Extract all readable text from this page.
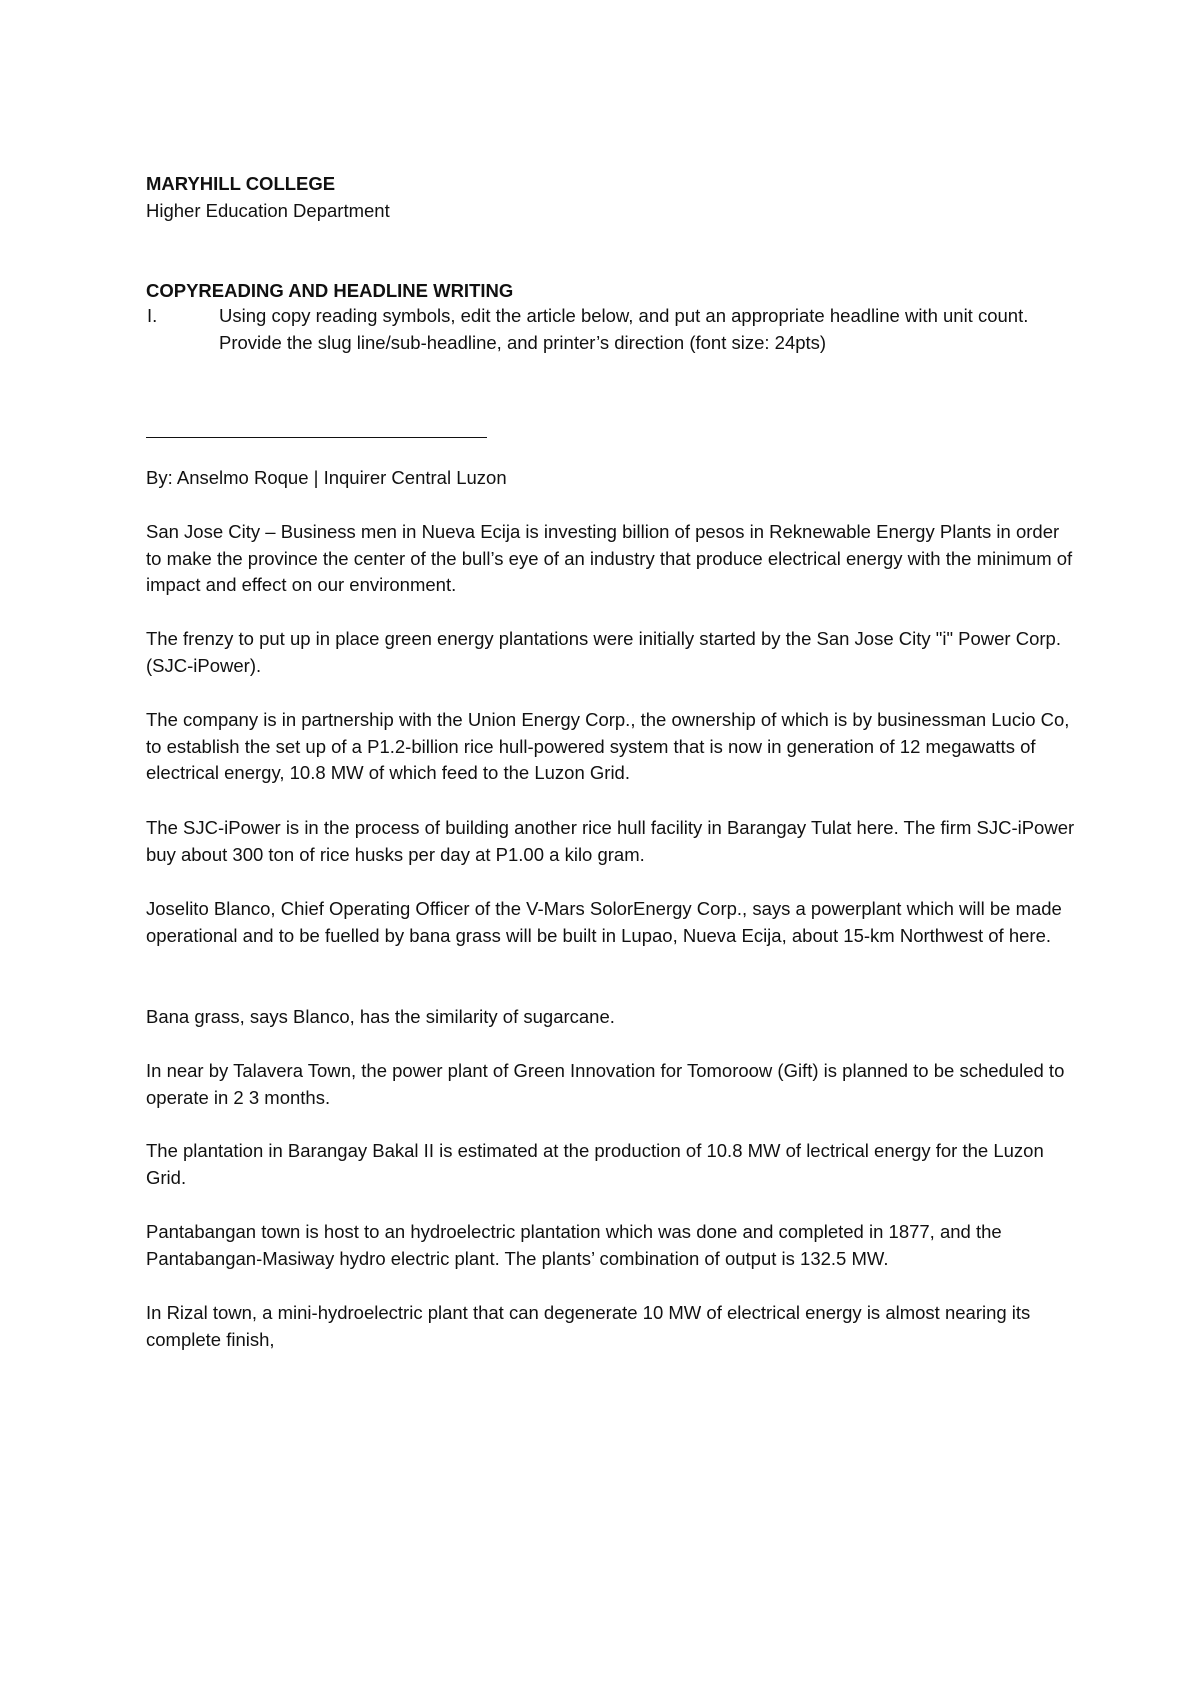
MARYHILL COLLEGE
Higher Education Department
COPYREADING AND HEADLINE WRITING
I.	Using copy reading symbols, edit the article below, and put an appropriate headline with unit count. Provide the slug line/sub-headline, and printer’s direction (font size: 24pts)
By: Anselmo Roque | Inquirer Central Luzon
San Jose City – Business men in Nueva Ecija is investing billion of pesos in Reknewable Energy Plants in order to make the province the center of the bull’s eye of an industry that produce electrical energy with the minimum of impact and effect on our environment.
The frenzy to put up in place green energy plantations were initially started by the San Jose City "i" Power Corp. (SJC-iPower).
The company is in partnership with the Union Energy Corp., the ownership of which is by businessman Lucio Co, to establish the set up of a P1.2-billion rice hull-powered system that is now in generation of 12 megawatts of electrical energy, 10.8 MW of which feed to the Luzon Grid.
The SJC-iPower is in the process of building another rice hull facility in Barangay Tulat here. The firm SJC-iPower buy about 300 ton of rice husks per day at P1.00 a kilo gram.
Joselito Blanco, Chief Operating Officer of the V-Mars SolorEnergy Corp., says a powerplant which will be made operational and to be fuelled by bana grass will be built in Lupao, Nueva Ecija, about 15-km Northwest of here.
Bana grass, says Blanco, has the similarity of sugarcane.
In near by Talavera Town, the power plant of Green Innovation for Tomoroow (Gift) is planned to be scheduled to operate in 2 3 months.
The plantation in Barangay Bakal II is estimated at the production of 10.8 MW of lectrical energy for the Luzon Grid.
Pantabangan town is host to an hydroelectric plantation which was done and completed in 1877, and the Pantabangan-Masiway hydro electric plant. The plants’ combination of output is 132.5 MW.
In Rizal town, a mini-hydroelectric plant that can degenerate 10 MW of electrical energy is almost nearing its complete finish,
